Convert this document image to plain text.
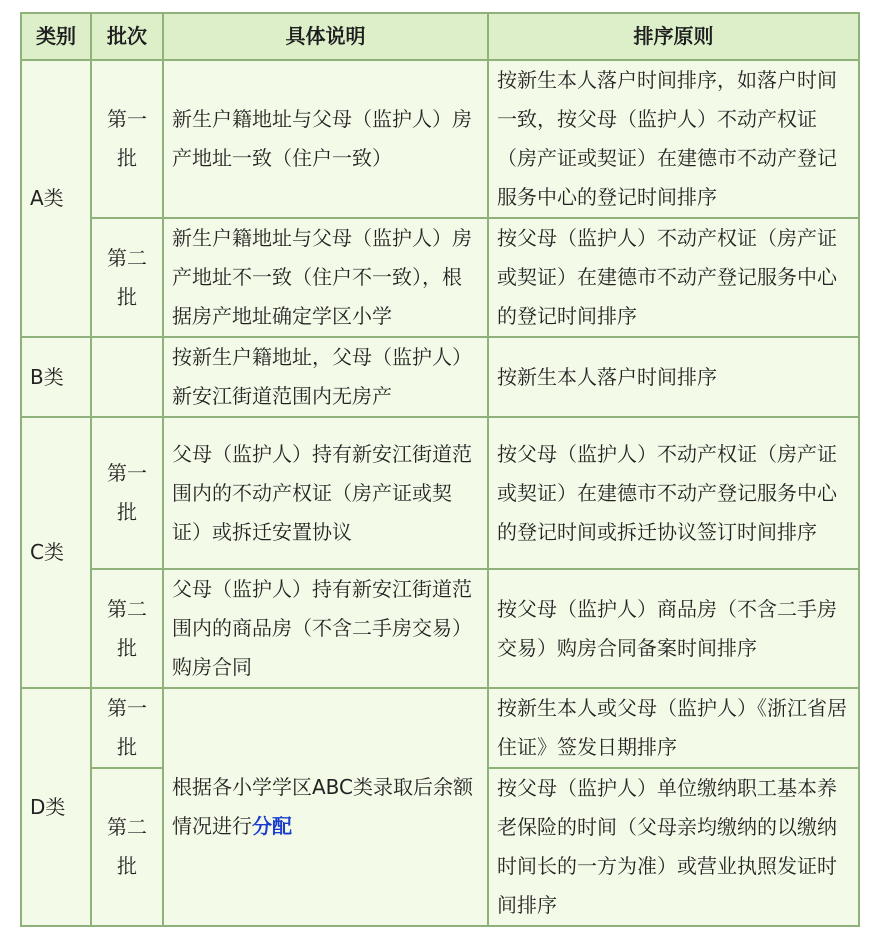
类别	批次	具体说明	排序原则
A类	第一批	新生户籍地址与父母（监护人）房产地址一致（住户一致）	按新生本人落户时间排序，如落户时间一致，按父母（监护人）不动产权证（房产证或契证）在建德市不动产登记服务中心的登记时间排序
	第二批	新生户籍地址与父母（监护人）房产地址不一致（住户不一致），根据房产地址确定学区小学	按父母（监护人）不动产权证（房产证或契证）在建德市不动产登记服务中心的登记时间排序
B类		按新生户籍地址，父母（监护人）新安江街道范围内无房产	按新生本人落户时间排序
C类	第一批	父母（监护人）持有新安江街道范围内的不动产权证（房产证或契证）或拆迁安置协议	按父母（监护人）不动产权证（房产证或契证）在建德市不动产登记服务中心的登记时间或拆迁协议签订时间排序
	第二批	父母（监护人）持有新安江街道范围内的商品房（不含二手房交易）购房合同	按父母（监护人）商品房（不含二手房交易）购房合同备案时间排序
D类	第一批	根据各小学学区ABC类录取后余额情况进行分配	按新生本人或父母（监护人）《浙江省居住证》签发日期排序
	第二批		按父母（监护人）单位缴纳职工基本养老保险的时间（父母亲均缴纳的以缴纳时间长的一方为准）或营业执照发证时间排序
